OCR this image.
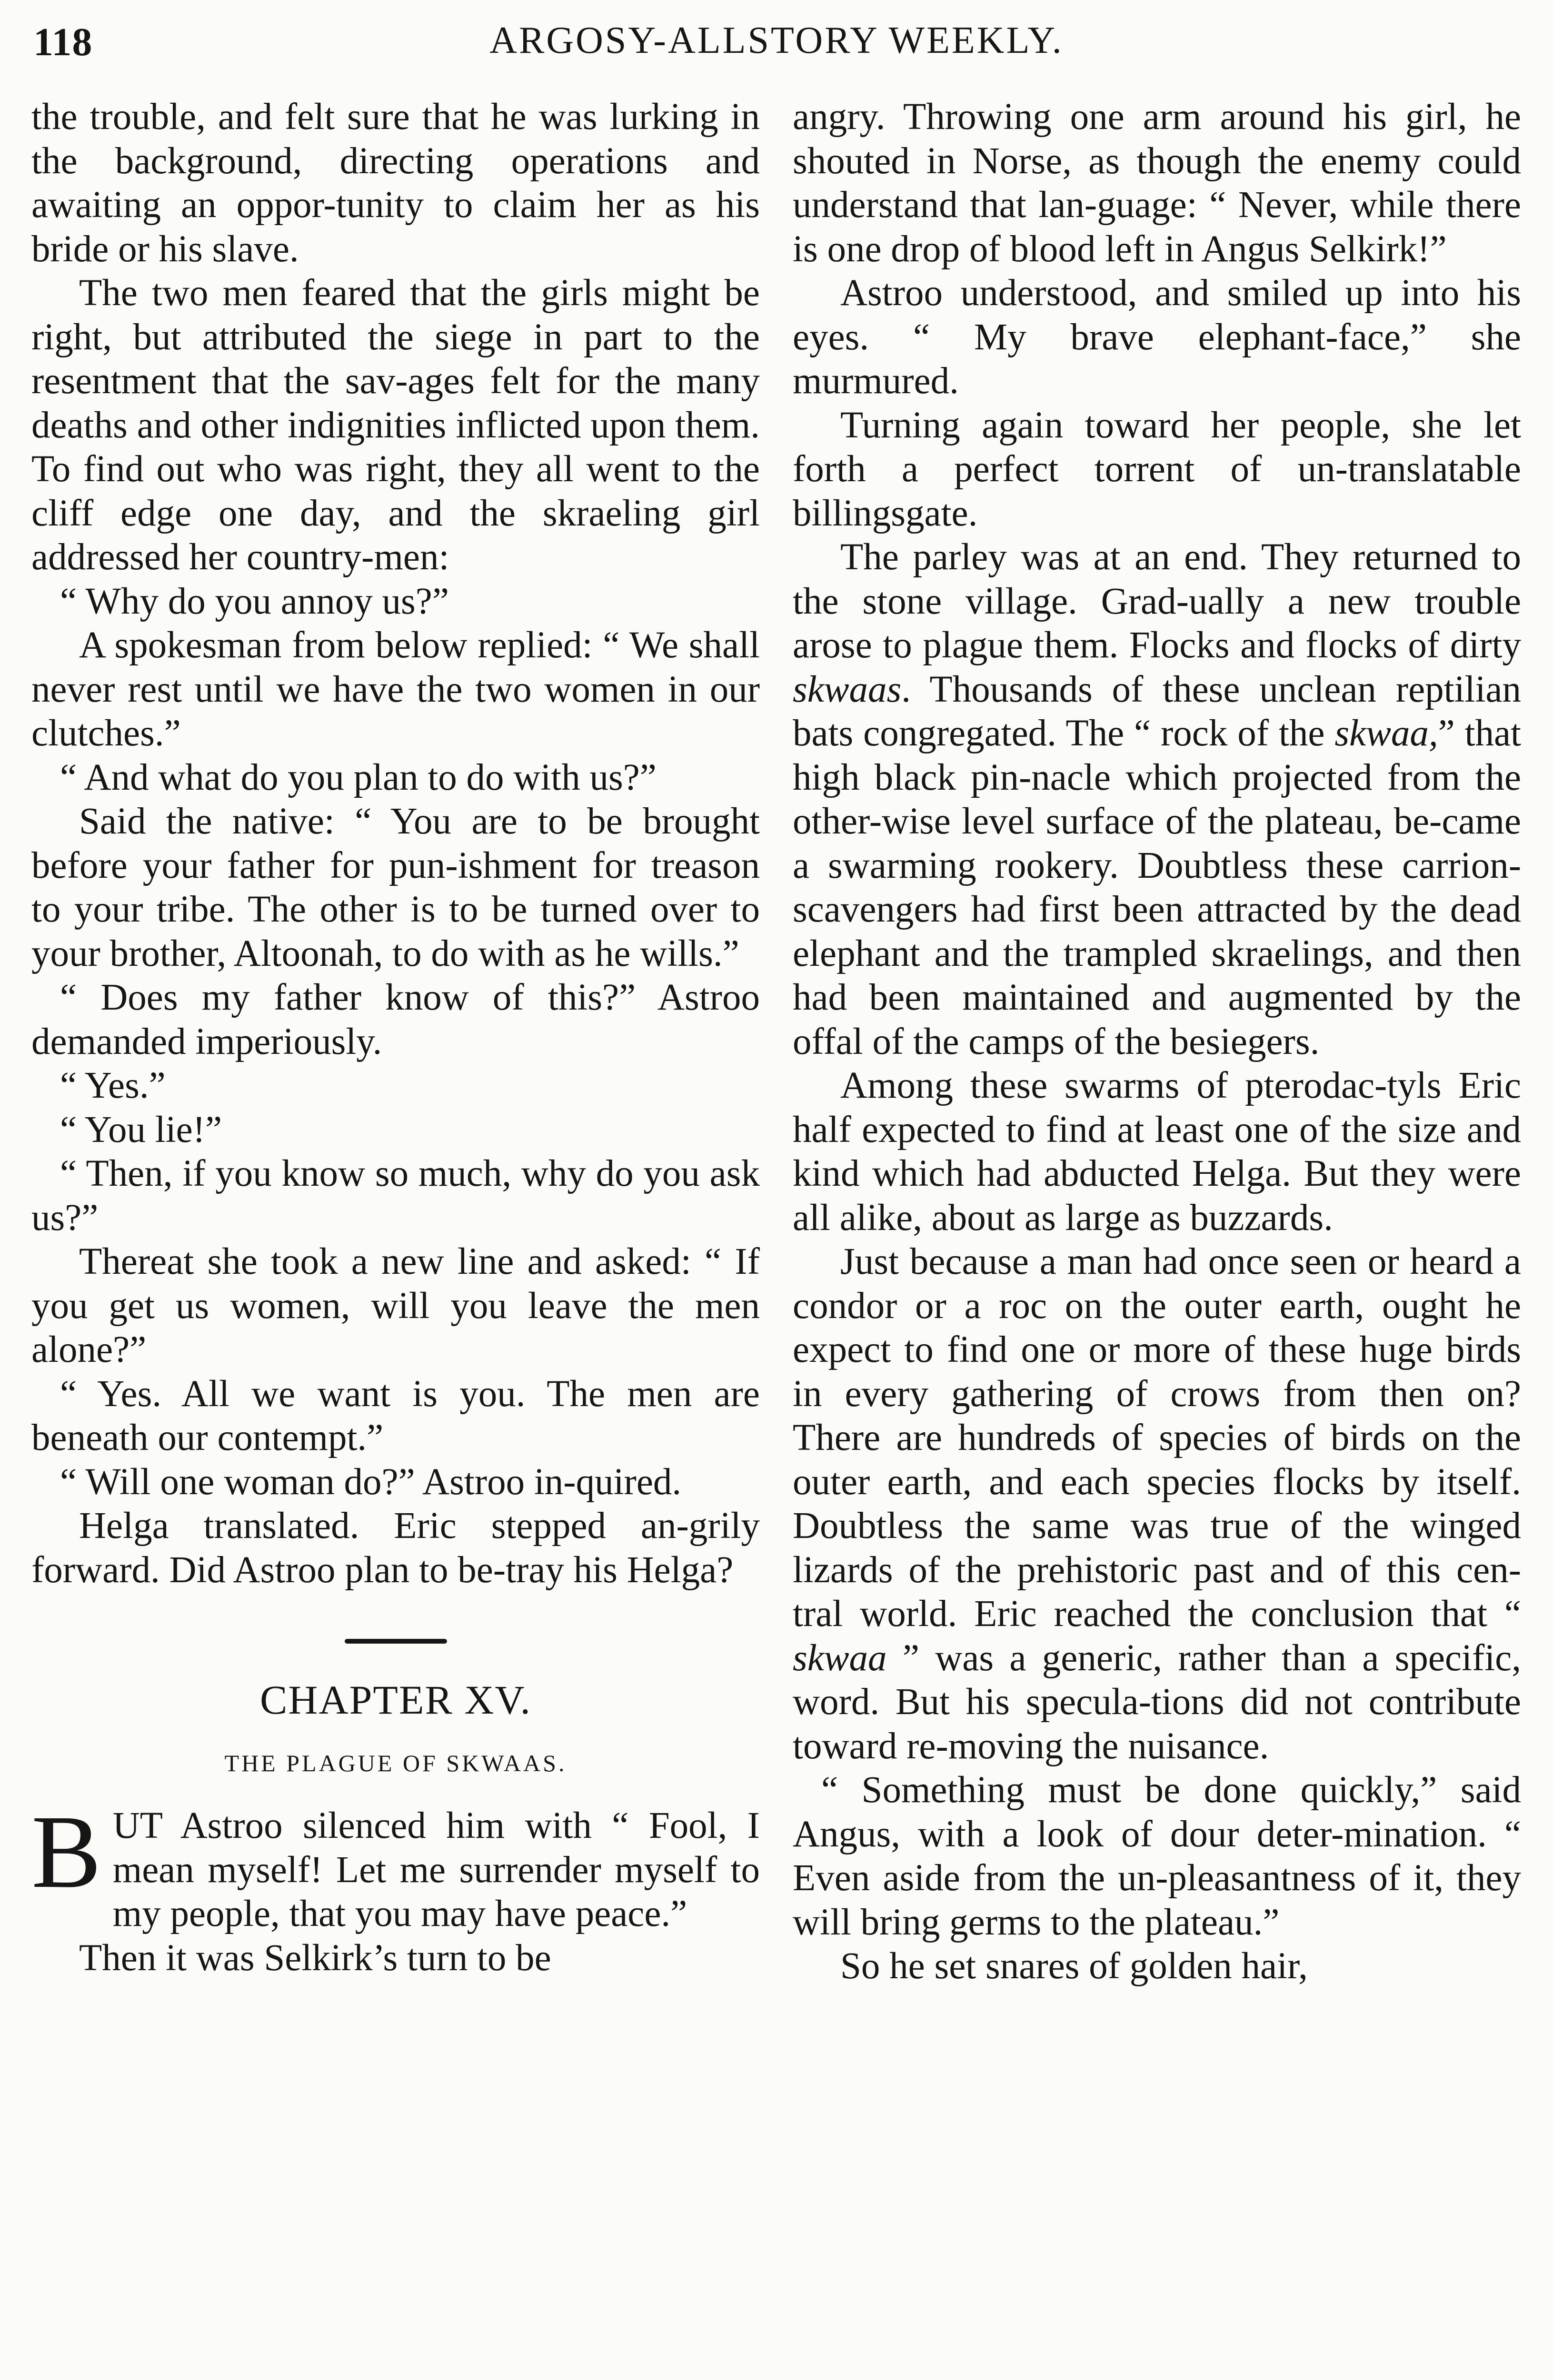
118	ARGOSY-ALLSTORY WEEKLY.

the trouble, and felt sure that he was lurking in the background, directing operations and awaiting an oppor-tunity to claim her as his bride or his slave.

The two men feared that the girls might be right, but attributed the siege in part to the resentment that the sav-ages felt for the many deaths and other indignities inflicted upon them. To find out who was right, they all went to the cliff edge one day, and the skraeling girl addressed her country-men:

“ Why do you annoy us?”

A spokesman from below replied: “ We shall never rest until we have the two women in our clutches.”

“ And what do you plan to do with us?”

Said the native: “ You are to be brought before your father for pun-ishment for treason to your tribe. The other is to be turned over to your brother, Altoonah, to do with as he wills.”

“ Does my father know of this?” Astroo demanded imperiously.

“ Yes.”

“ You lie!”

“ Then, if you know so much, why do you ask us?”

Thereat she took a new line and asked: “ If you get us women, will you leave the men alone?”

“ Yes. All we want is you. The men are beneath our contempt.”

“ Will one woman do?” Astroo in-quired.

Helga translated. Eric stepped an-grily forward. Did Astroo plan to be-tray his Helga?

CHAPTER XV.
THE PLAGUE OF SKWAAS.

BUT Astroo silenced him with “ Fool, I mean myself! Let me surrender myself to my people, that you may have peace.”

Then it was Selkirk’s turn to be

angry. Throwing one arm around his girl, he shouted in Norse, as though the enemy could understand that lan-guage: “ Never, while there is one drop of blood left in Angus Selkirk!”

Astroo understood, and smiled up into his eyes. “ My brave elephant-face,” she murmured.

Turning again toward her people, she let forth a perfect torrent of un-translatable billingsgate.

The parley was at an end. They returned to the stone village. Grad-ually a new trouble arose to plague them. Flocks and flocks of dirty skwaas. Thousands of these unclean reptilian bats congregated. The “ rock of the skwaa,” that high black pin-nacle which projected from the other-wise level surface of the plateau, be-came a swarming rookery. Doubtless these carrion-scavengers had first been attracted by the dead elephant and the trampled skraelings, and then had been maintained and augmented by the offal of the camps of the besiegers.

Among these swarms of pterodac-tyls Eric half expected to find at least one of the size and kind which had abducted Helga. But they were all alike, about as large as buzzards.

Just because a man had once seen or heard a condor or a roc on the outer earth, ought he expect to find one or more of these huge birds in every gathering of crows from then on? There are hundreds of species of birds on the outer earth, and each species flocks by itself. Doubtless the same was true of the winged lizards of the prehistoric past and of this cen-tral world. Eric reached the conclusion that “ skwaa ” was a generic, rather than a specific, word. But his specula-tions did not contribute toward re-moving the nuisance.

“ Something must be done quickly,” said Angus, with a look of dour deter-mination. “ Even aside from the un-pleasantness of it, they will bring germs to the plateau.”

So he set snares of golden hair,
